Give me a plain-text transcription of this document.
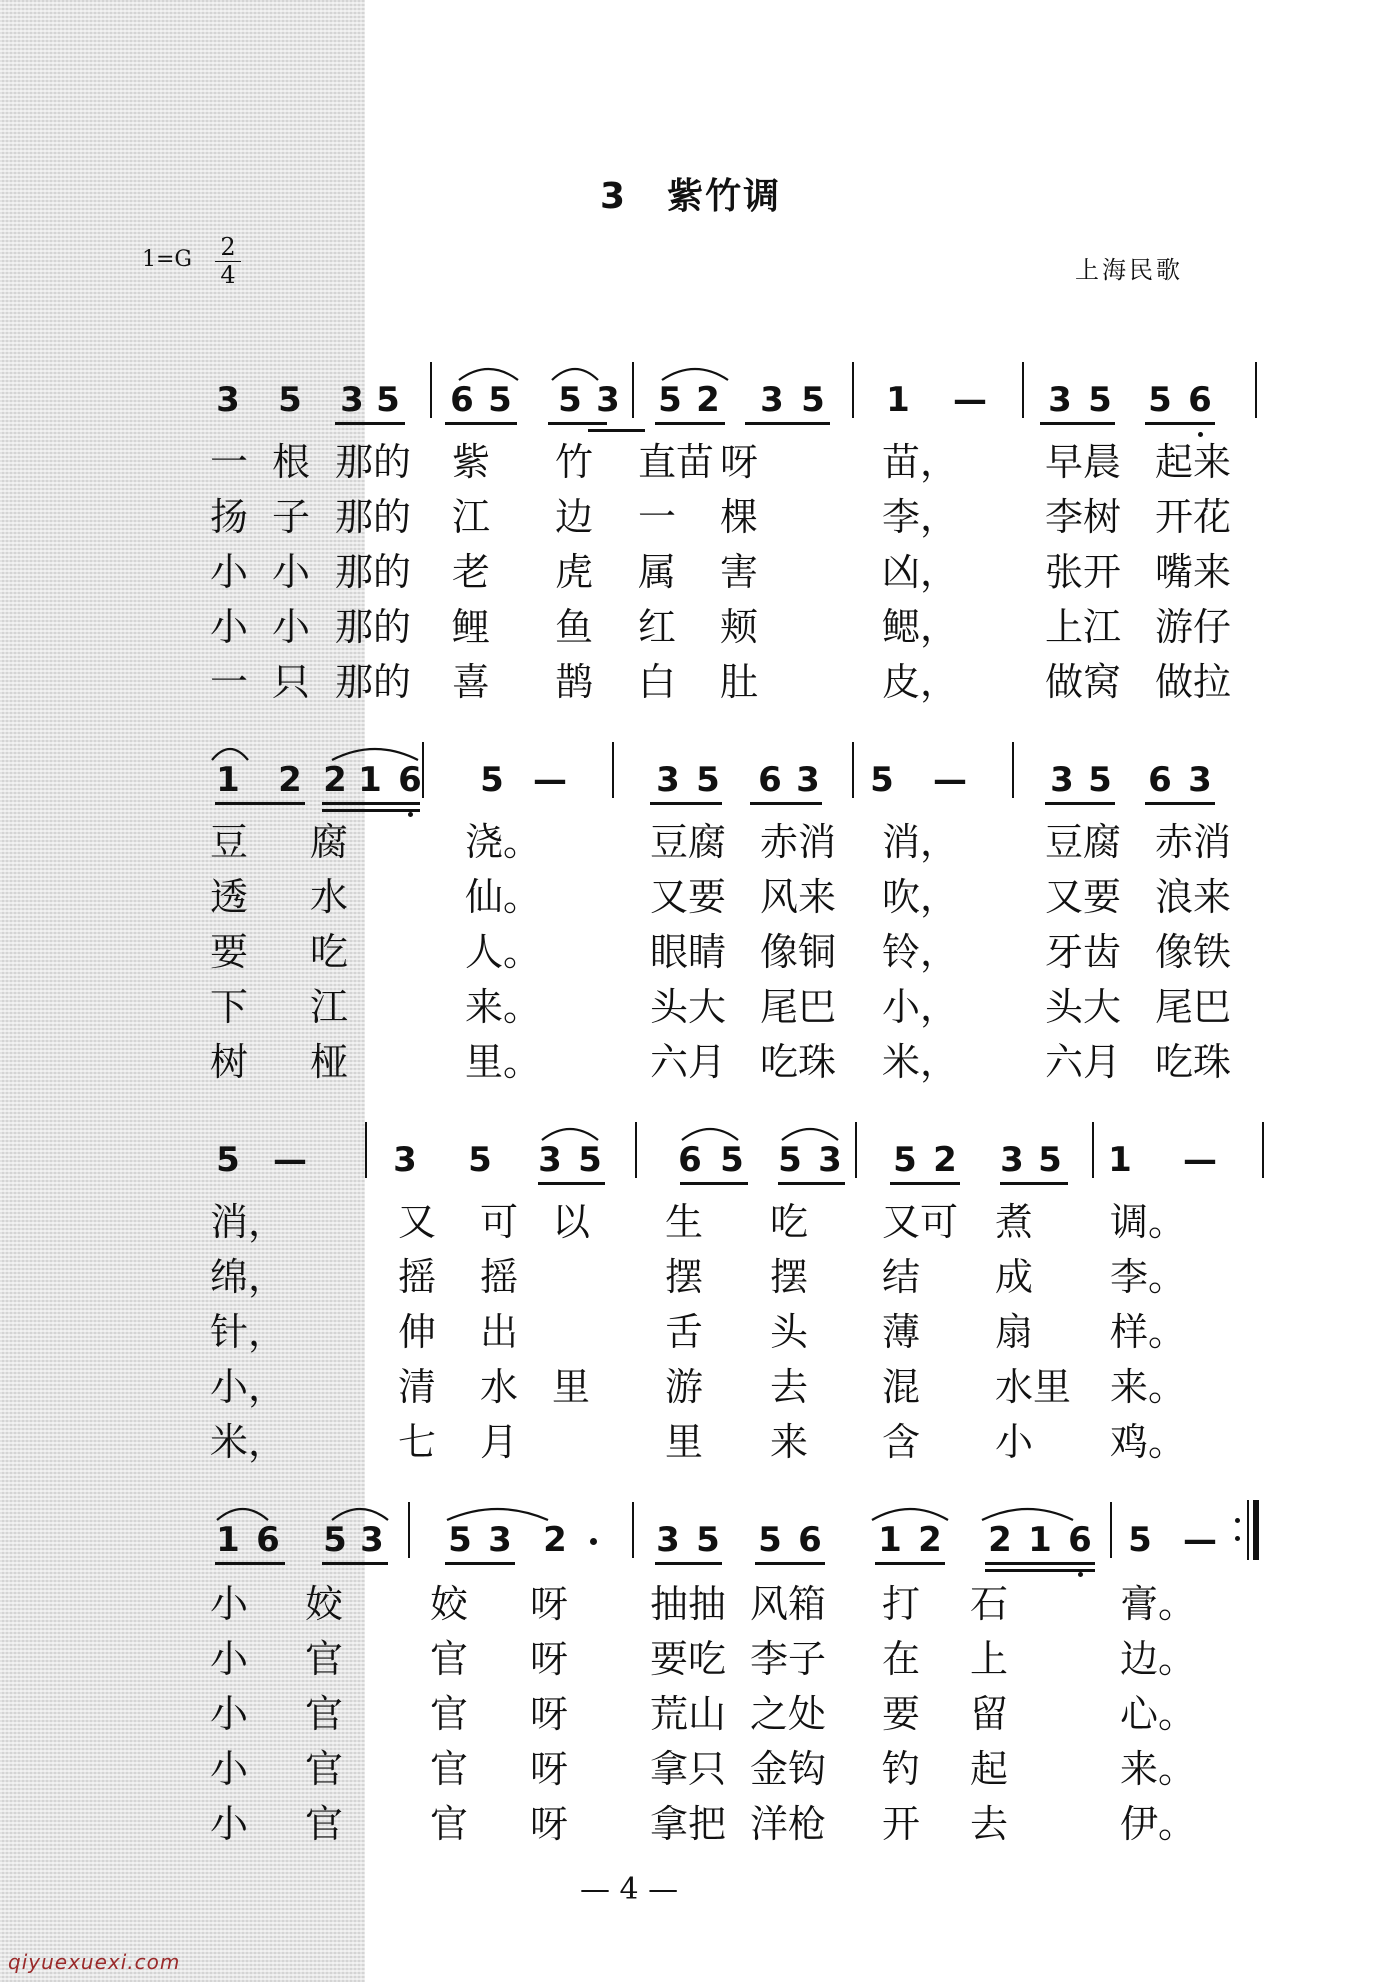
3 紫竹调
1=G 2
4	上海民歌
3 5 3 5 6 5 5 3 5 2 3 5 1 — 3 5 5 6
一 根 那的 紫 竹 直苗 呀	苗， 早晨 起来
扬 子 那的 江 边 一 棵	李， 李树 开花
小 小 那的 老 虎 属 害	凶， 张开 嘴来
小 小 那的 鲤 鱼 红 颊	鳃， 上江 游仔
一 只 那的 喜 鹊 白 肚	皮， 做窝 做拉
1 2 2 1 6 5 —	3 5 6 3 5 — 3 5 6 3
豆 腐	浇。	豆腐 赤消 消， 豆腐 赤消
透 水	仙。	又要 风来 吹， 又要 浪来
要 吃	人。	眼睛 像铜 铃， 牙齿 像铁
下 江	来。	头大 尾巴 小， 头大 尾巴
树 桠	里。	六月 吃珠 米， 六月 吃珠
5 —	3 5 3 5 6 5 5 3 5 2 3 5 1 —
消，	又 可 以 生 吃 又可 煮 调。
绵，	摇 摇	摆 摆 结 成 李。
针，	伸 出	舌 头 薄 扇 样。
小，	清 水 里 游 去 混 水里 来。
米，	七 月	里 来 含 小 鸡。
1 6 5 3 5 3 2	3 5 5 6 1 2 2 1 6 5 —
小 姣 姣 呀 抽抽 风箱 打 石	膏。
小 官 官 呀 要吃 李子 在 上	边。
小 官 官 呀 荒山 之处 要 留	心。
小 官 官 呀 拿只 金钩 钓 起	来。
小 官 官 呀 拿把 洋枪 开 去	伊。
— 4 —
qiyuexuexi.com
